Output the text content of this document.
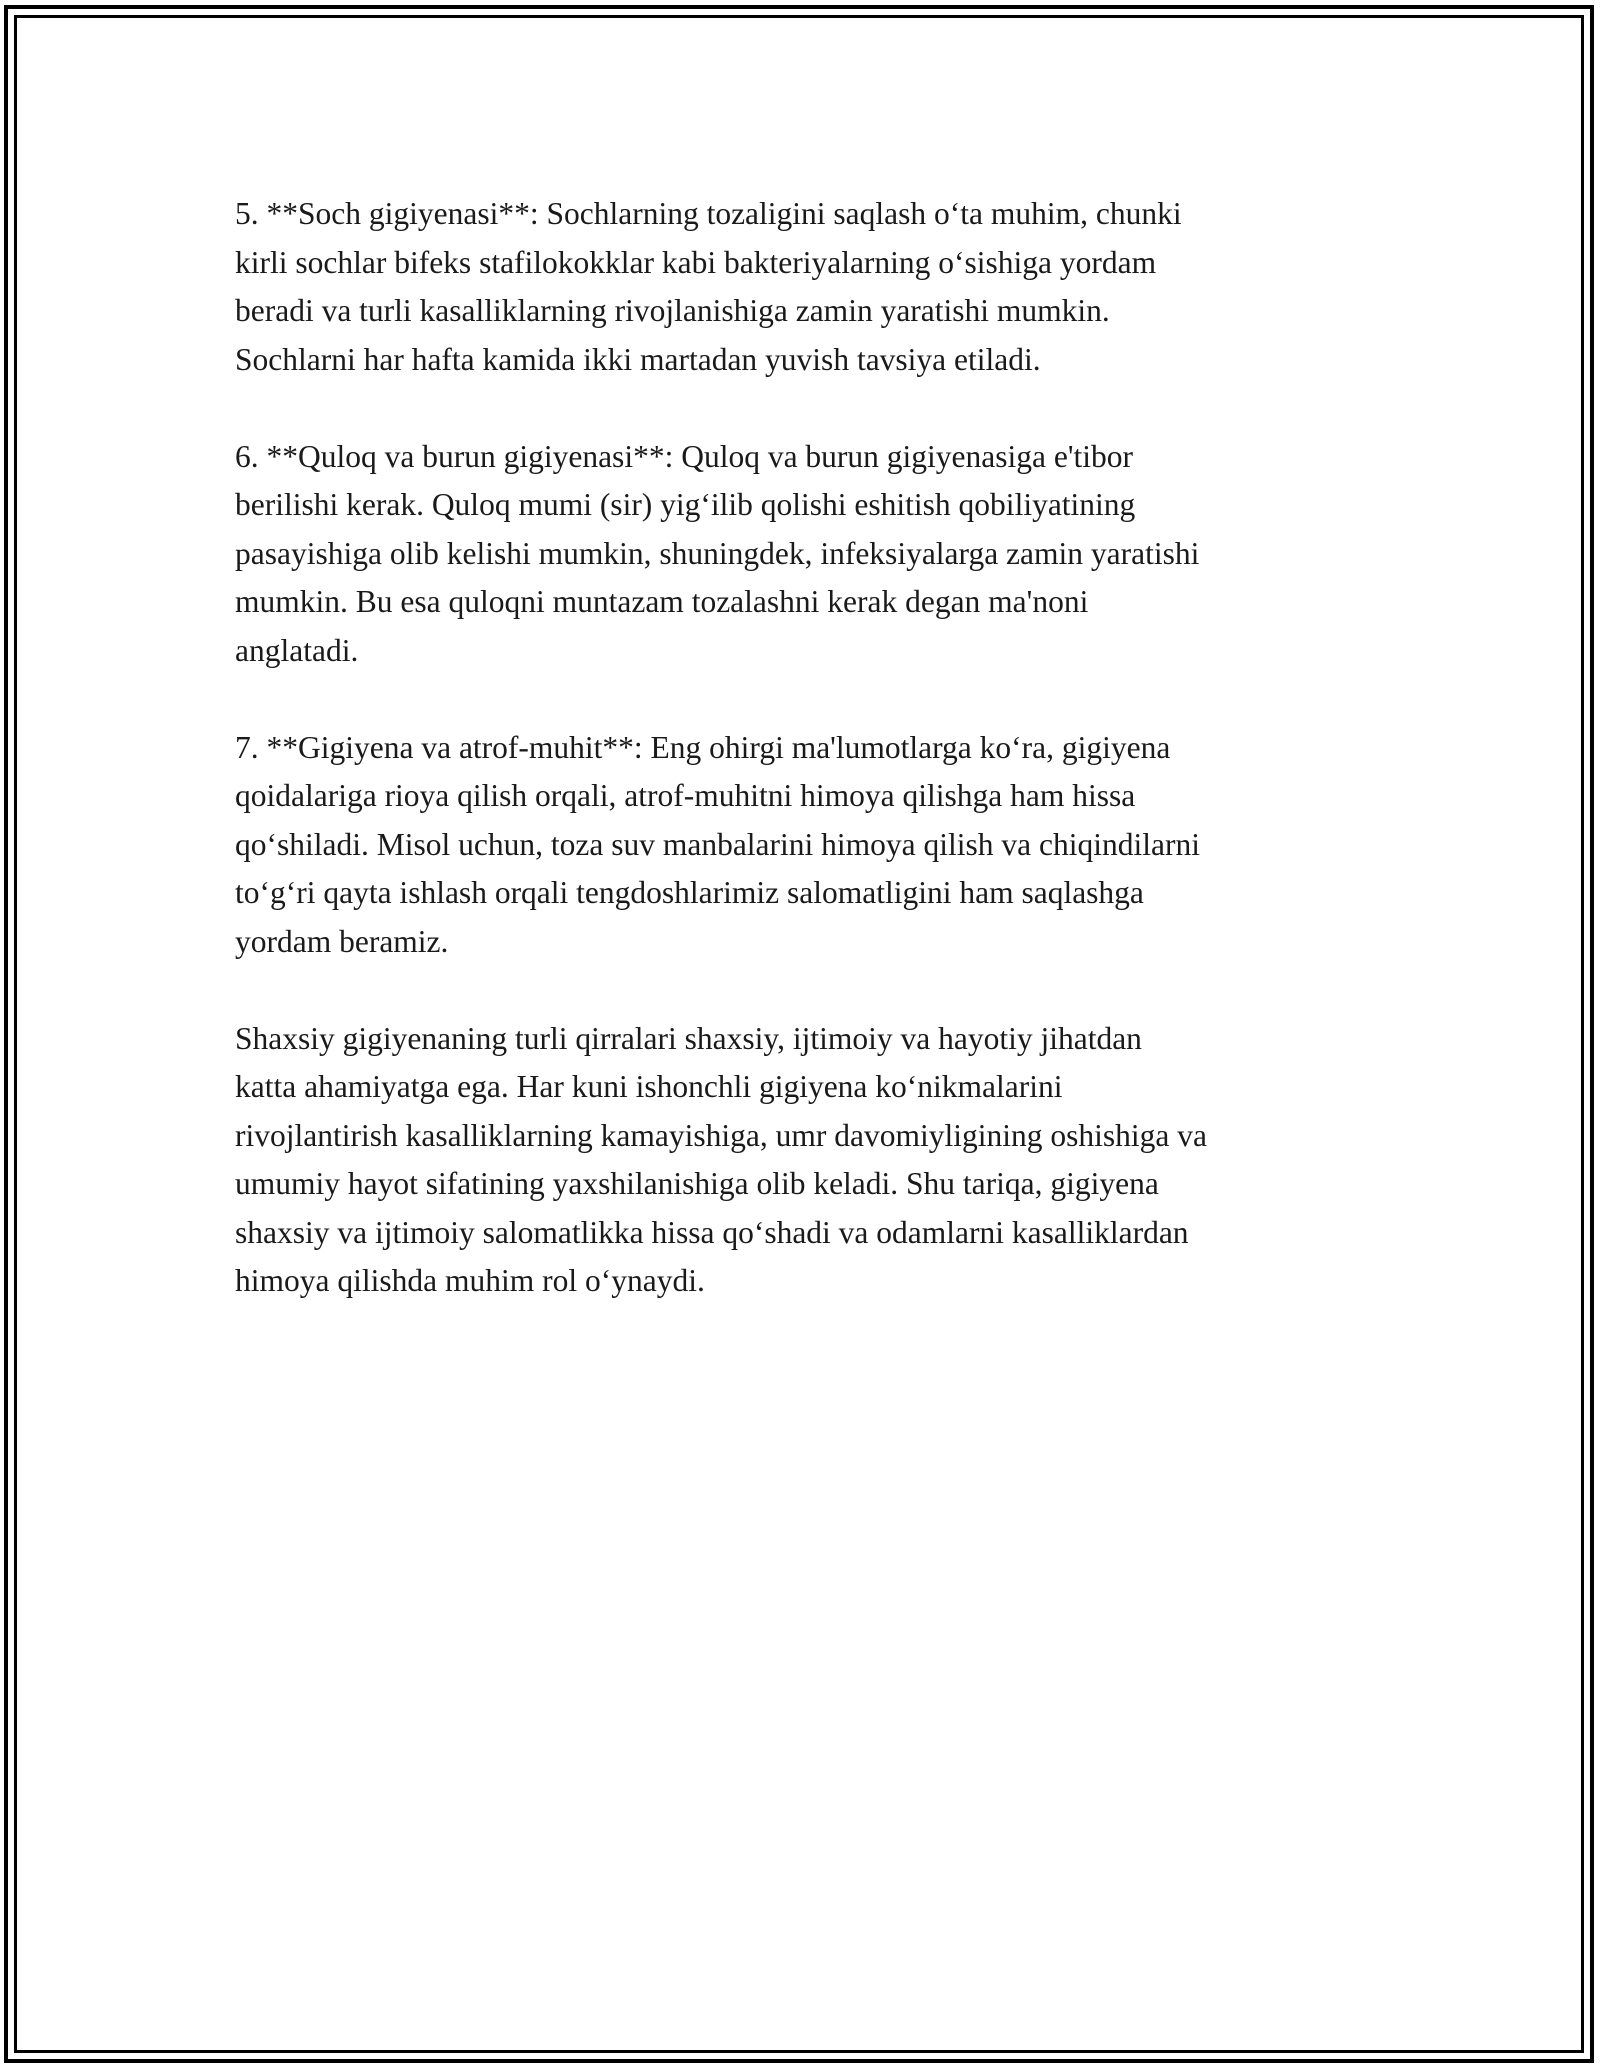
5. **Soch gigiyenasi**: Sochlarning tozaligini saqlash o‘ta muhim, chunki
kirli sochlar bifeks stafilokokklar kabi bakteriyalarning o‘sishiga yordam
beradi va turli kasalliklarning rivojlanishiga zamin yaratishi mumkin.
Sochlarni har hafta kamida ikki martadan yuvish tavsiya etiladi.

6. **Quloq va burun gigiyenasi**: Quloq va burun gigiyenasiga e'tibor
berilishi kerak. Quloq mumi (sir) yig‘ilib qolishi eshitish qobiliyatining
pasayishiga olib kelishi mumkin, shuningdek, infeksiyalarga zamin yaratishi
mumkin. Bu esa quloqni muntazam tozalashni kerak degan ma'noni
anglatadi.

7. **Gigiyena va atrof-muhit**: Eng ohirgi ma'lumotlarga ko‘ra, gigiyena
qoidalariga rioya qilish orqali, atrof-muhitni himoya qilishga ham hissa
qo‘shiladi. Misol uchun, toza suv manbalarini himoya qilish va chiqindilarni
to‘g‘ri qayta ishlash orqali tengdoshlarimiz salomatligini ham saqlashga
yordam beramiz.

Shaxsiy gigiyenaning turli qirralari shaxsiy, ijtimoiy va hayotiy jihatdan
katta ahamiyatga ega. Har kuni ishonchli gigiyena ko‘nikmalarini
rivojlantirish kasalliklarning kamayishiga, umr davomiyligining oshishiga va
umumiy hayot sifatining yaxshilanishiga olib keladi. Shu tariqa, gigiyena
shaxsiy va ijtimoiy salomatlikka hissa qo‘shadi va odamlarni kasalliklardan
himoya qilishda muhim rol o‘ynaydi.
